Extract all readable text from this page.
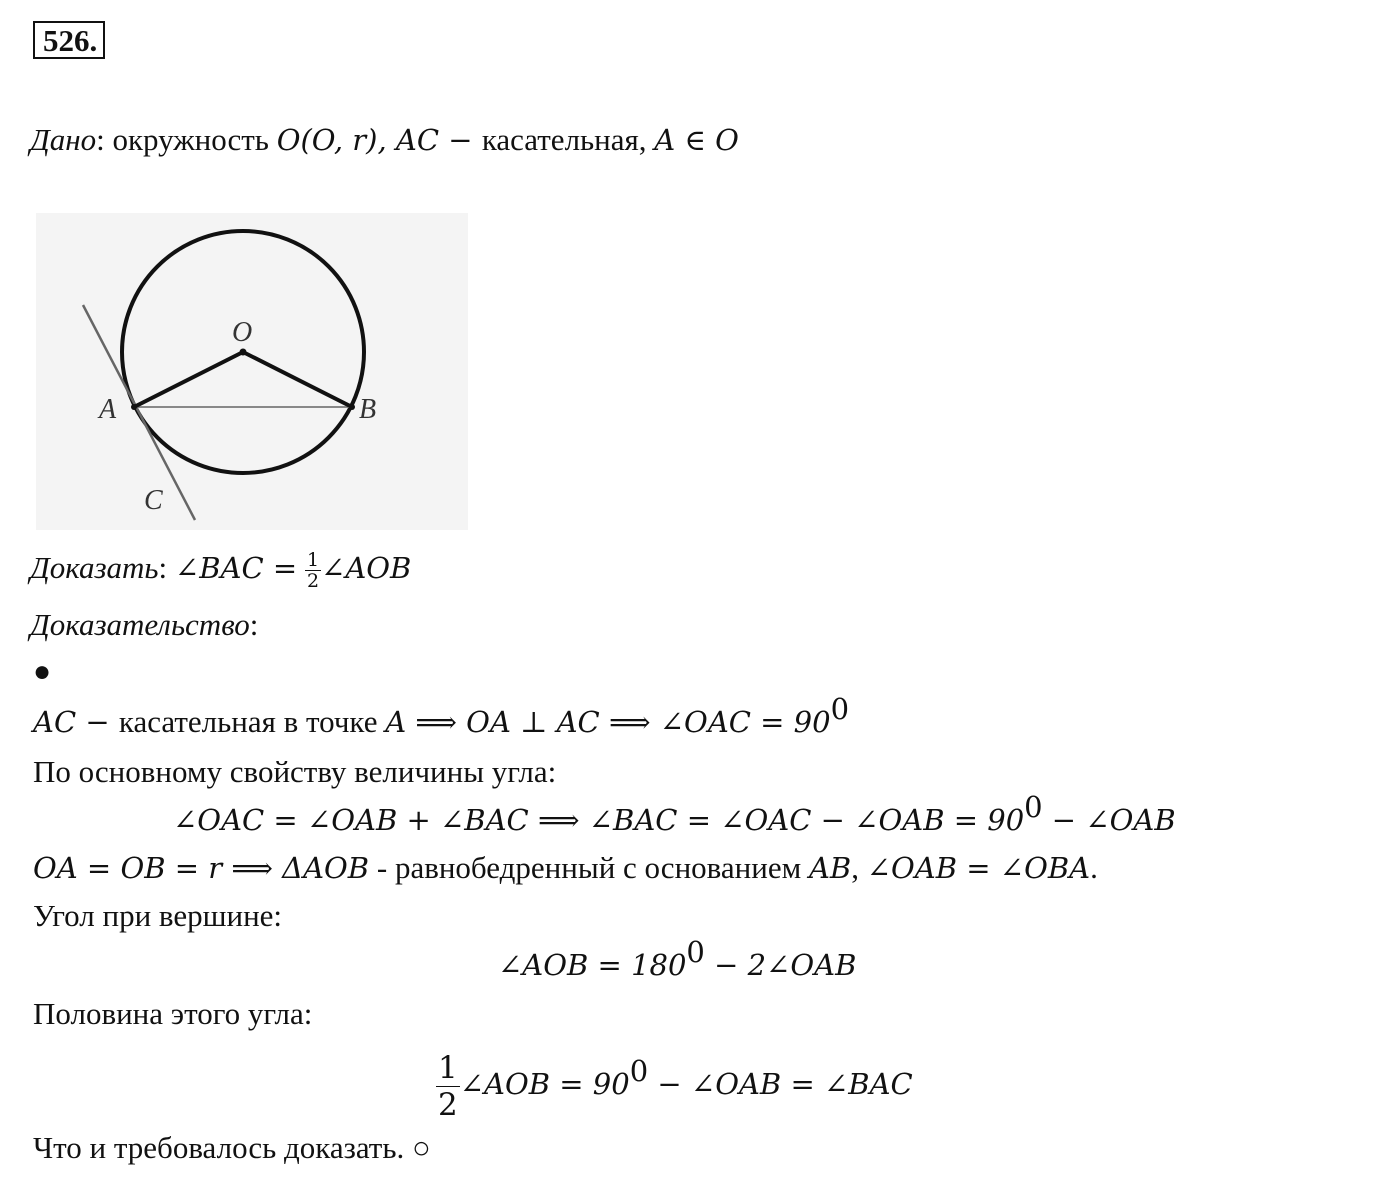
526.
Дано: окружность O(O, r), AC − касательная, A ∈ O
O
A	B
C
Доказать: ∠BAC = $\frac{1}{2}$ ∠AOB
Доказательство:
●
AC − касательная в точке A ⟹ OA ⊥ AC ⟹ ∠OAC = $90^0$
По основному свойству величины угла:
∠OAC = ∠OAB + ∠BAC ⟹ ∠BAC = ∠OAC − ∠OAB = $90^0$ − ∠OAB
OA = OB = r ⟹ ΔAOB - равнобедренный с основанием AB, ∠OAB = ∠OBA.
Угол при вершине:
∠AOB = $180^0$ − 2∠OAB
Половина этого угла:
$\frac{1}{2}$ ∠AOB = $90^0$ − ∠OAB = ∠BAC
Что и требовалось доказать. ○
